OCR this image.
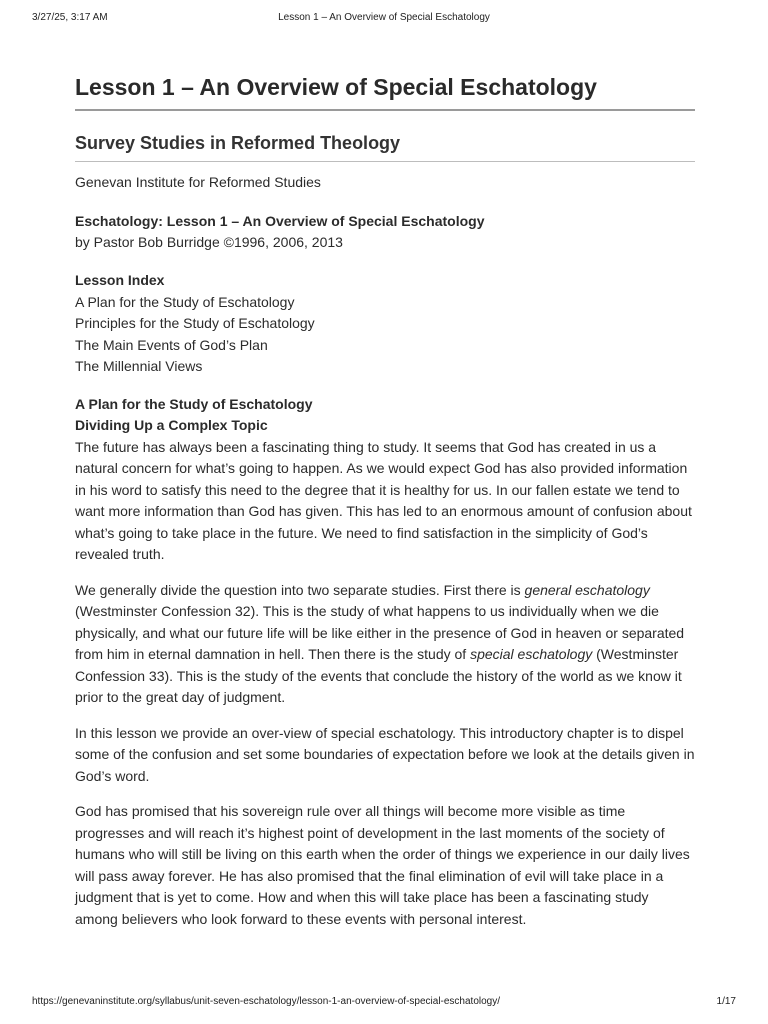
3/27/25, 3:17 AM	Lesson 1 – An Overview of Special Eschatology
Lesson 1 – An Overview of Special Eschatology
Survey Studies in Reformed Theology

Genevan Institute for Reformed Studies

Eschatology: Lesson 1 – An Overview of Special Eschatology
by Pastor Bob Burridge ©1996, 2006, 2013
Lesson Index
A Plan for the Study of Eschatology
Principles for the Study of Eschatology
The Main Events of God’s Plan
The Millennial Views
A Plan for the Study of Eschatology
Dividing Up a Complex Topic

The future has always been a fascinating thing to study. It seems that God has created in us a natural concern for what’s going to happen. As we would expect God has also provided information in his word to satisfy this need to the degree that it is healthy for us. In our fallen estate we tend to want more information than God has given. This has led to an enormous amount of confusion about what’s going to take place in the future. We need to find satisfaction in the simplicity of God’s revealed truth.

We generally divide the question into two separate studies. First there is general eschatology (Westminster Confession 32). This is the study of what happens to us individually when we die physically, and what our future life will be like either in the presence of God in heaven or separated from him in eternal damnation in hell. Then there is the study of special eschatology (Westminster Confession 33). This is the study of the events that conclude the history of the world as we know it prior to the great day of judgment.

In this lesson we provide an over-view of special eschatology. This introductory chapter is to dispel some of the confusion and set some boundaries of expectation before we look at the details given in God’s word.

God has promised that his sovereign rule over all things will become more visible as time progresses and will reach it’s highest point of development in the last moments of the society of humans who will still be living on this earth when the order of things we experience in our daily lives will pass away forever. He has also promised that the final elimination of evil will take place in a judgment that is yet to come. How and when this will take place has been a fascinating study among believers who look forward to these events with personal interest.

https://genevaninstitute.org/syllabus/unit-seven-eschatology/lesson-1-an-overview-of-special-eschatology/	1/17
